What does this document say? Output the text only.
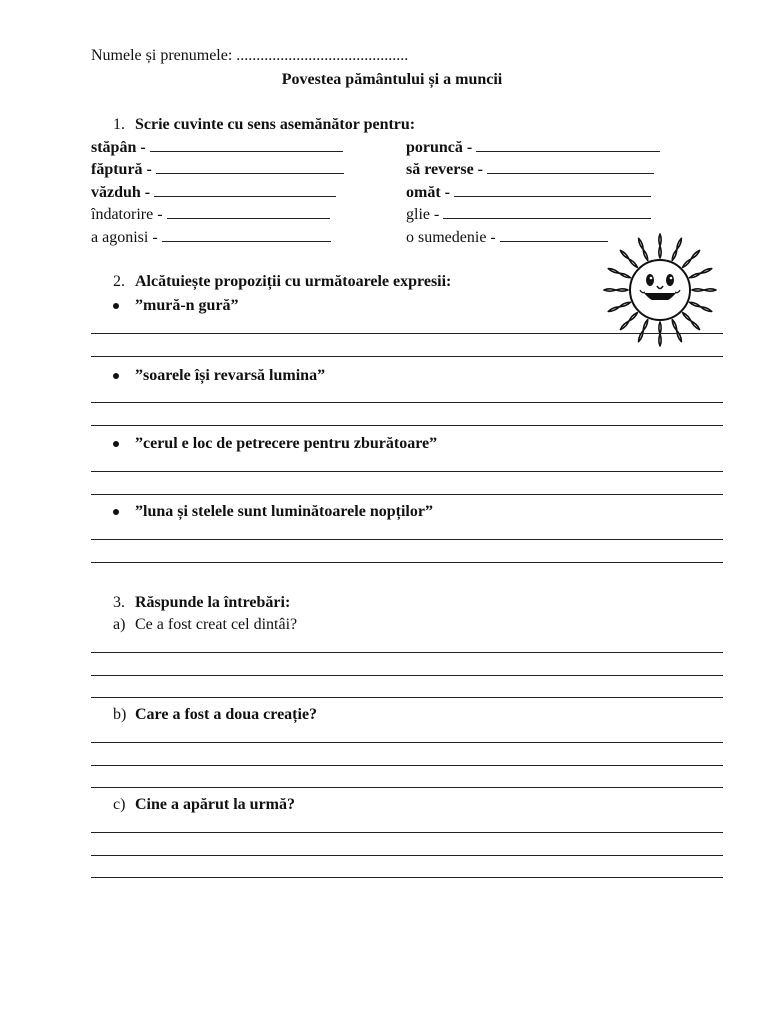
Numele și prenumele: ...........................................
Povestea pământului și a muncii
1. Scrie cuvinte cu sens asemănător pentru:
stăpân -
făptură -
văzduh -
îndatorire -
a agonisi -
poruncă -
să reverse -
omăt -
glie -
o sumedenie -
2. Alcătuiește propoziții cu următoarele expresii:
”mură-n gură”
”soarele își revarsă lumina”
”cerul e loc de petrecere pentru zburătoare”
”luna și stelele sunt luminătoarele nopților”
3. Răspunde la întrebări:
a) Ce a fost creat cel dintâi?
b) Care a fost a doua creație?
c) Cine a apărut la urmă?
